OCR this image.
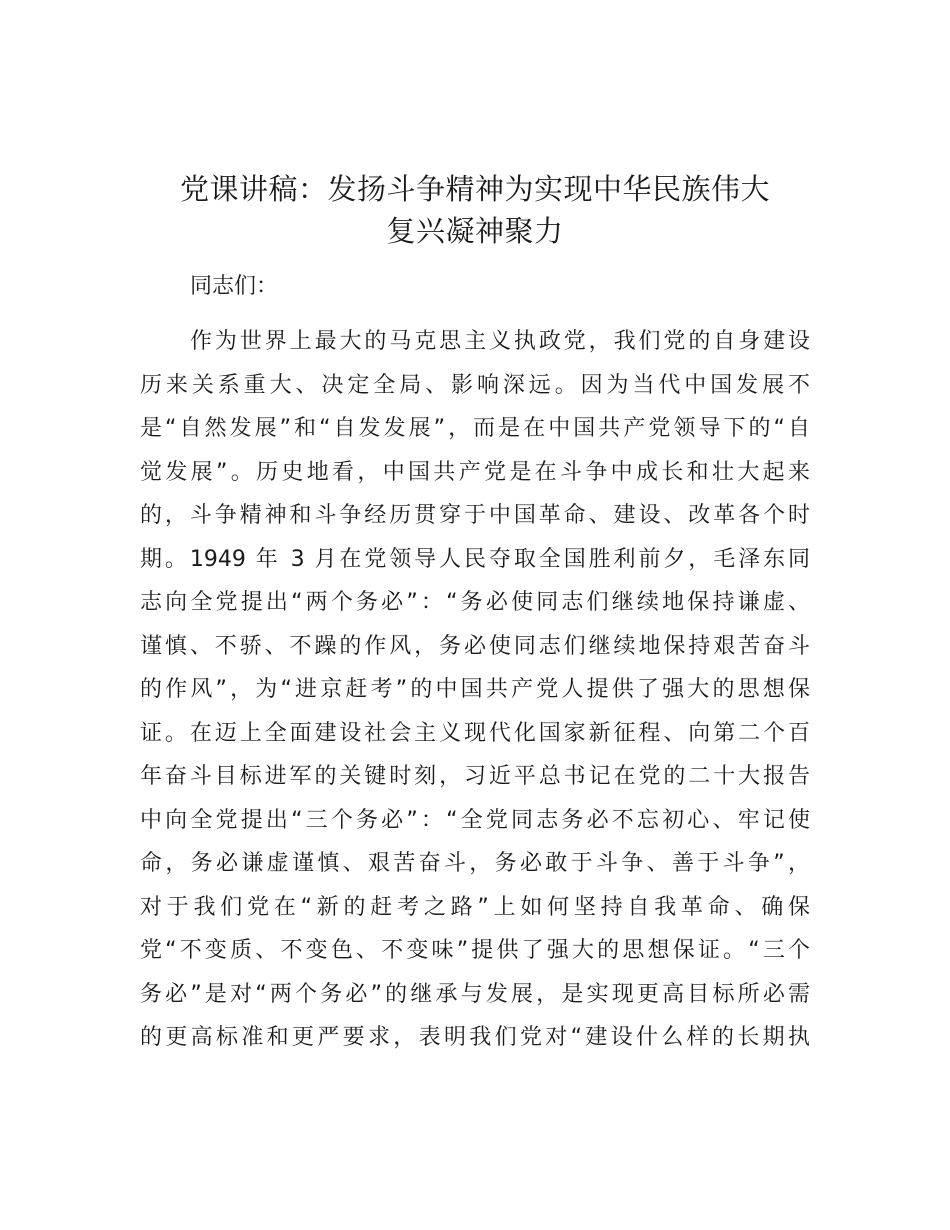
党课讲稿：发扬斗争精神为实现中华民族伟大
复兴凝神聚力

同志们：

作为世界上最大的马克思主义执政党，我们党的自身建设
历来关系重大、决定全局、影响深远。因为当代中国发展不
是“自然发展”和“自发发展”，而是在中国共产党领导下的“自
觉发展”。历史地看，中国共产党是在斗争中成长和壮大起来
的，斗争精神和斗争经历贯穿于中国革命、建设、改革各个时
期。1949 年 3 月在党领导人民夺取全国胜利前夕，毛泽东同
志向全党提出“两个务必”：“务必使同志们继续地保持谦虚、
谨慎、不骄、不躁的作风，务必使同志们继续地保持艰苦奋斗
的作风”，为“进京赶考”的中国共产党人提供了强大的思想保
证。在迈上全面建设社会主义现代化国家新征程、向第二个百
年奋斗目标进军的关键时刻，习近平总书记在党的二十大报告
中向全党提出“三个务必”：“全党同志务必不忘初心、牢记使
命，务必谦虚谨慎、艰苦奋斗，务必敢于斗争、善于斗争”，
对于我们党在“新的赶考之路”上如何坚持自我革命、确保
党“不变质、不变色、不变味”提供了强大的思想保证。“三个
务必”是对“两个务必”的继承与发展，是实现更高目标所必需
的更高标准和更严要求，表明我们党对“建设什么样的长期执
